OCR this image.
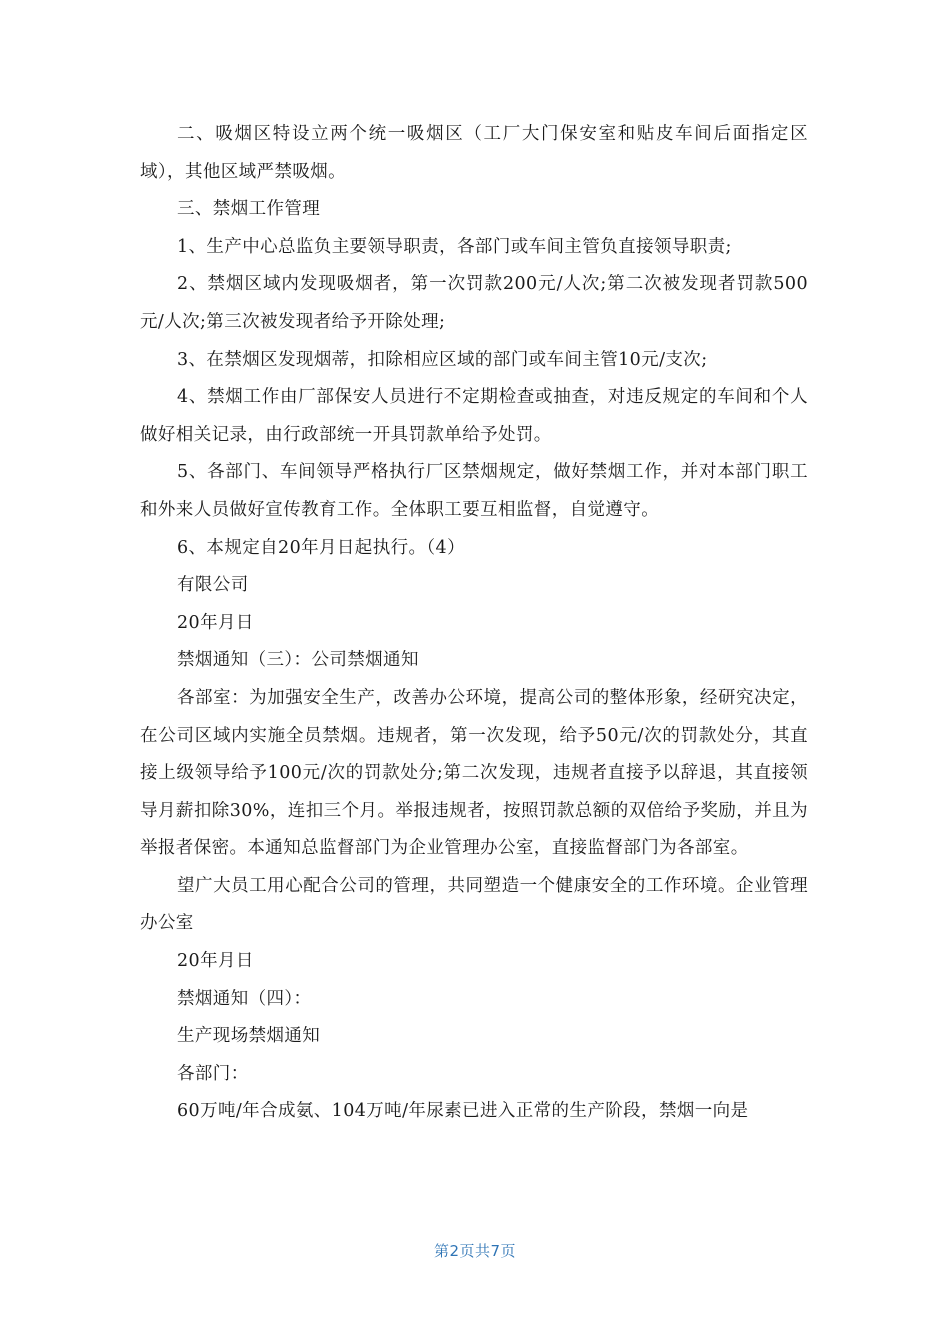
二、吸烟区特设立两个统一吸烟区（工厂大门保安室和贴皮车间后面指定区域），其他区域严禁吸烟。

三、禁烟工作管理

1、生产中心总监负主要领导职责，各部门或车间主管负直接领导职责;

2、禁烟区域内发现吸烟者，第一次罚款200元/人次;第二次被发现者罚款500元/人次;第三次被发现者给予开除处理;

3、在禁烟区发现烟蒂，扣除相应区域的部门或车间主管10元/支次;

4、禁烟工作由厂部保安人员进行不定期检查或抽查，对违反规定的车间和个人做好相关记录，由行政部统一开具罚款单给予处罚。

5、各部门、车间领导严格执行厂区禁烟规定，做好禁烟工作，并对本部门职工和外来人员做好宣传教育工作。全体职工要互相监督，自觉遵守。

6、本规定自20年月日起执行。（4）

有限公司

20年月日

禁烟通知（三）：公司禁烟通知

各部室：为加强安全生产，改善办公环境，提高公司的整体形象，经研究决定，在公司区域内实施全员禁烟。违规者，第一次发现，给予50元/次的罚款处分，其直接上级领导给予100元/次的罚款处分;第二次发现，违规者直接予以辞退，其直接领导月薪扣除30%，连扣三个月。举报违规者，按照罚款总额的双倍给予奖励，并且为举报者保密。本通知总监督部门为企业管理办公室，直接监督部门为各部室。

望广大员工用心配合公司的管理，共同塑造一个健康安全的工作环境。企业管理办公室

20年月日

禁烟通知（四）：

生产现场禁烟通知

各部门：

60万吨/年合成氨、104万吨/年尿素已进入正常的生产阶段，禁烟一向是

第2页共7页
